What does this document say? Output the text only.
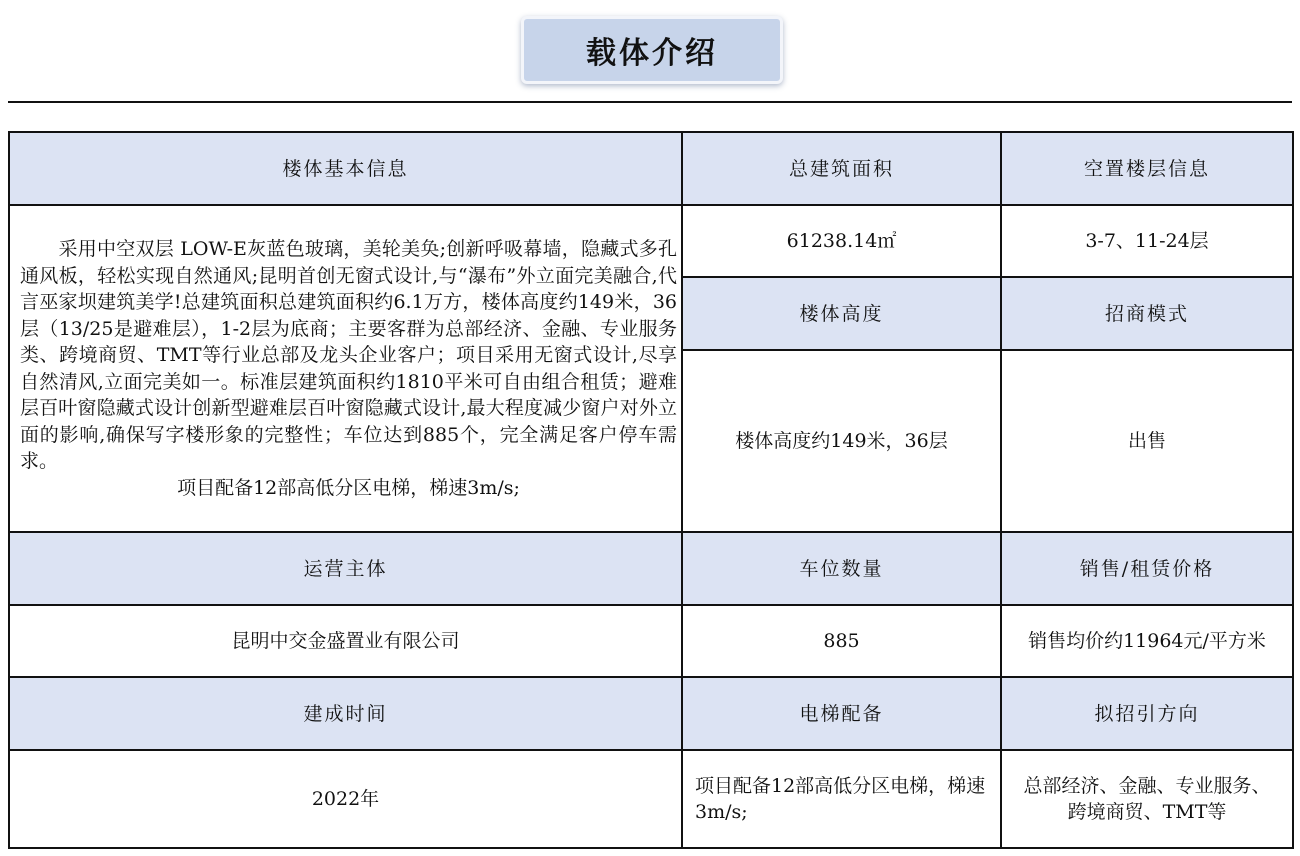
载体介绍
楼体基本信息	总建筑面积	空置楼层信息
　　采用中空双层 LOW-E灰蓝色玻璃，美轮美奂;创新呼吸幕墙，隐藏式多孔通风板，轻松实现自然通风;昆明首创无窗式设计,与“瀑布”外立面完美融合,代言巫家坝建筑美学!总建筑面积总建筑面积约6.1万方，楼体高度约149米，36层（13/25是避难层），1-2层为底商；主要客群为总部经济、金融、专业服务类、跨境商贸、TMT等行业总部及龙头企业客户；项目采用无窗式设计,尽享自然清风,立面完美如一。标准层建筑面积约1810平米可自由组合租赁；避难层百叶窗隐藏式设计创新型避难层百叶窗隐藏式设计,最大程度减少窗户对外立面的影响,确保写字楼形象的完整性；车位达到885个，完全满足客户停车需求。
项目配备12部高低分区电梯，梯速3m/s;	61238.14㎡	3-7、11-24层
	楼体高度	招商模式
	楼体高度约149米，36层	出售
运营主体	车位数量	销售/租赁价格
昆明中交金盛置业有限公司	885	销售均价约11964元/平方米
建成时间	电梯配备	拟招引方向
2022年	项目配备12部高低分区电梯，梯速3m/s;	总部经济、金融、专业服务、跨境商贸、TMT等
